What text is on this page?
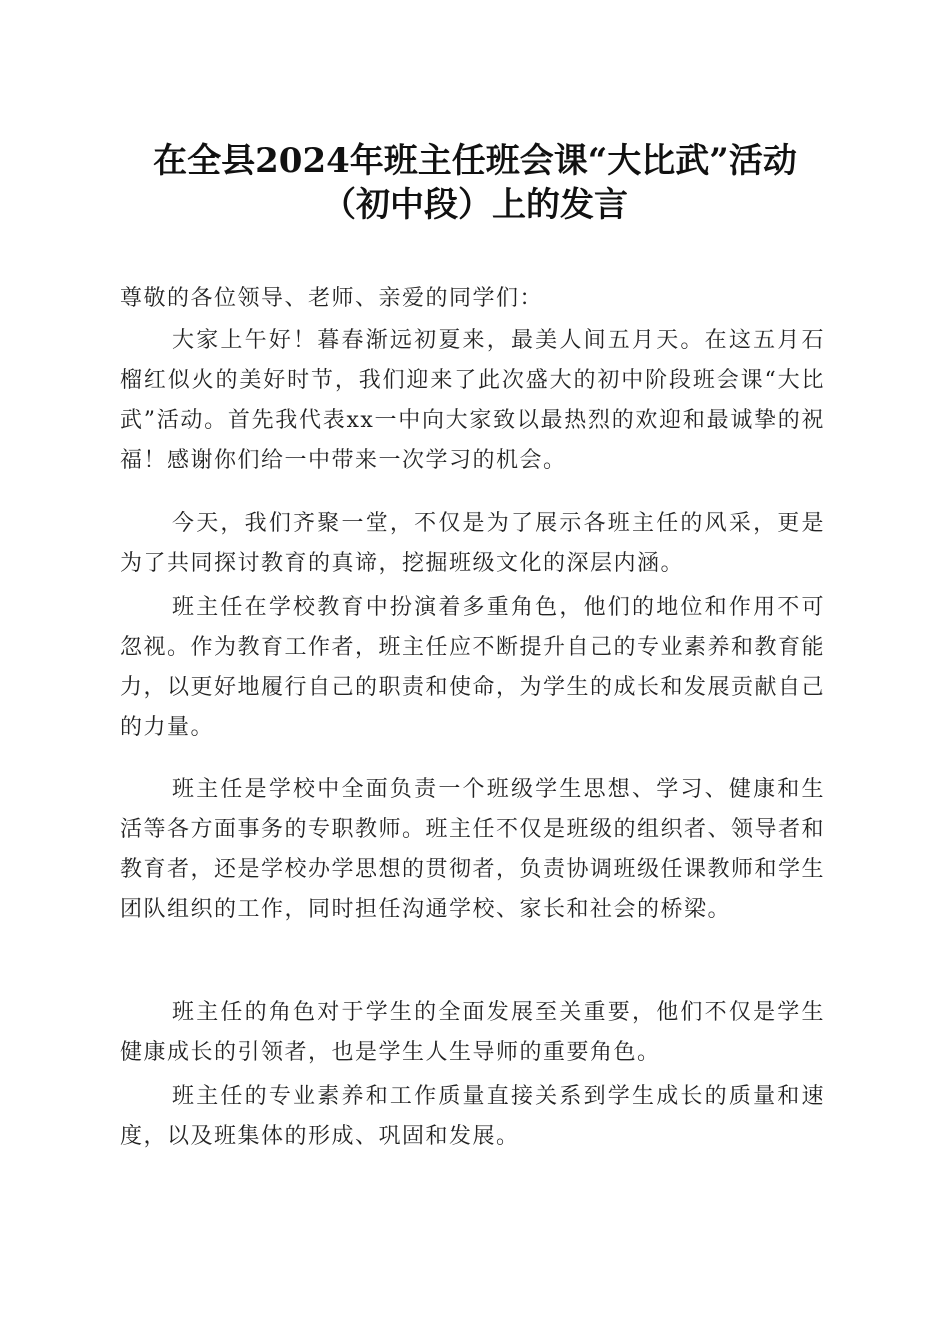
在全县2024年班主任班会课“大比武”活动
（初中段）上的发言
尊敬的各位领导、老师、亲爱的同学们：
大家上午好！暮春渐远初夏来，最美人间五月天。在这五月石榴红似火的美好时节，我们迎来了此次盛大的初中阶段班会课“大比武”活动。首先我代表xx一中向大家致以最热烈的欢迎和最诚挚的祝福！感谢你们给一中带来一次学习的机会。
今天，我们齐聚一堂，不仅是为了展示各班主任的风采，更是为了共同探讨教育的真谛，挖掘班级文化的深层内涵。
班主任在学校教育中扮演着多重角色，他们的地位和作用不可忽视。作为教育工作者，班主任应不断提升自己的专业素养和教育能力，以更好地履行自己的职责和使命，为学生的成长和发展贡献自己的力量。
班主任是学校中全面负责一个班级学生思想、学习、健康和生活等各方面事务的专职教师。班主任不仅是班级的组织者、领导者和教育者，还是学校办学思想的贯彻者，负责协调班级任课教师和学生团队组织的工作，同时担任沟通学校、家长和社会的桥梁。
班主任的角色对于学生的全面发展至关重要，他们不仅是学生健康成长的引领者，也是学生人生导师的重要角色。
班主任的专业素养和工作质量直接关系到学生成长的质量和速度，以及班集体的形成、巩固和发展。
